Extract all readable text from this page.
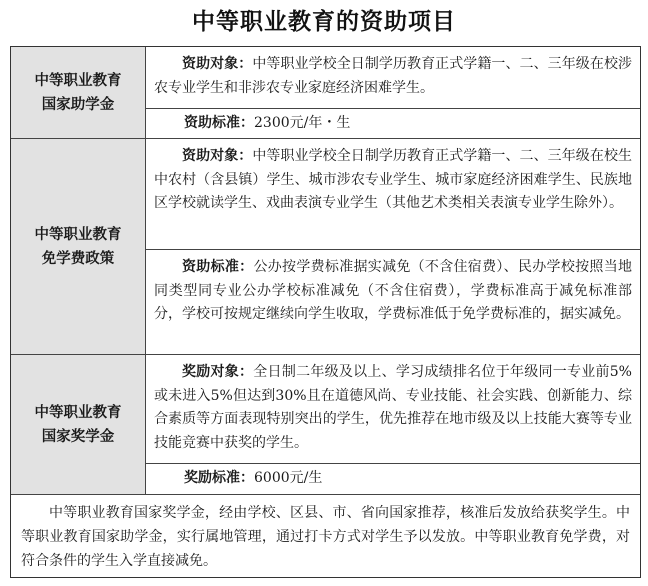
中等职业教育的资助项目
中等职业教育
国家助学金
资助对象：中等职业学校全日制学历教育正式学籍一、二、三年级在校涉农专业学生和非涉农专业家庭经济困难学生。
资助标准： 2300元/年・生
中等职业教育
免学费政策
资助对象：中等职业学校全日制学历教育正式学籍一、二、三年级在校生中农村（含县镇）学生、城市涉农专业学生、城市家庭经济困难学生、民族地区学校就读学生、戏曲表演专业学生（其他艺术类相关表演专业学生除外）。
资助标准：公办按学费标准据实减免（不含住宿费）、民办学校按照当地同类型同专业公办学校标准减免（不含住宿费），学费标准高于减免标准部分，学校可按规定继续向学生收取，学费标准低于免学费标准的，据实减免。
中等职业教育
国家奖学金
奖励对象：全日制二年级及以上、学习成绩排名位于年级同一专业前5%或未进入5%但达到30%且在道德风尚、专业技能、社会实践、创新能力、综合素质等方面表现特别突出的学生，优先推荐在地市级及以上技能大赛等专业技能竞赛中获奖的学生。
奖励标准： 6000元/生

中等职业教育国家奖学金，经由学校、区县、市、省向国家推荐，核准后发放给获奖学生。中等职业教育国家助学金，实行属地管理，通过打卡方式对学生予以发放。中等职业教育免学费，对符合条件的学生入学直接减免。
